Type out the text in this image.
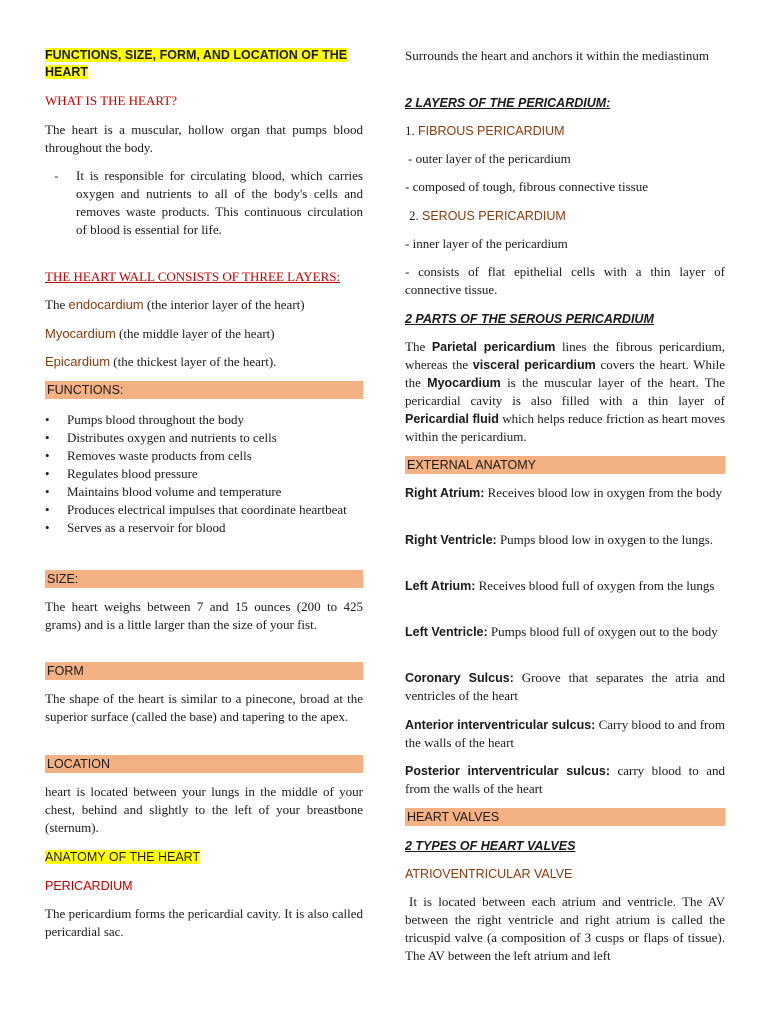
FUNCTIONS, SIZE, FORM, AND LOCATION OF THE HEART

WHAT IS THE HEART?

The heart is a muscular, hollow organ that pumps blood throughout the body.

- It is responsible for circulating blood, which carries oxygen and nutrients to all of the body's cells and removes waste products. This continuous circulation of blood is essential for life.

THE HEART WALL CONSISTS OF THREE LAYERS:

The endocardium (the interior layer of the heart)

Myocardium (the middle layer of the heart)

Epicardium (the thickest layer of the heart).

FUNCTIONS:
• Pumps blood throughout the body
• Distributes oxygen and nutrients to cells
• Removes waste products from cells
• Regulates blood pressure
• Maintains blood volume and temperature
• Produces electrical impulses that coordinate heartbeat
• Serves as a reservoir for blood
SIZE:

The heart weighs between 7 and 15 ounces (200 to 425 grams) and is a little larger than the size of your fist.

FORM

The shape of the heart is similar to a pinecone, broad at the superior surface (called the base) and tapering to the apex.

LOCATION

heart is located between your lungs in the middle of your chest, behind and slightly to the left of your breastbone (sternum).

ANATOMY OF THE HEART

PERICARDIUM

The pericardium forms the pericardial cavity. It is also called pericardial sac.

Surrounds the heart and anchors it within the mediastinum

2 LAYERS OF THE PERICARDIUM:

1. FIBROUS PERICARDIUM

- outer layer of the pericardium

- composed of tough, fibrous connective tissue

2. SEROUS PERICARDIUM

- inner layer of the pericardium

- consists of flat epithelial cells with a thin layer of connective tissue.

2 PARTS OF THE SEROUS PERICARDIUM

The Parietal pericardium lines the fibrous pericardium, whereas the visceral pericardium covers the heart. While the Myocardium is the muscular layer of the heart. The pericardial cavity is also filled with a thin layer of Pericardial fluid which helps reduce friction as heart moves within the pericardium.

EXTERNAL ANATOMY

Right Atrium: Receives blood low in oxygen from the body

Right Ventricle: Pumps blood low in oxygen to the lungs.

Left Atrium: Receives blood full of oxygen from the lungs

Left Ventricle: Pumps blood full of oxygen out to the body

Coronary Sulcus: Groove that separates the atria and ventricles of the heart

Anterior interventricular sulcus: Carry blood to and from the walls of the heart

Posterior interventricular sulcus: carry blood to and from the walls of the heart

HEART VALVES

2 TYPES OF HEART VALVES

ATRIOVENTRICULAR VALVE

It is located between each atrium and ventricle. The AV between the right ventricle and right atrium is called the tricuspid valve (a composition of 3 cusps or flaps of tissue). The AV between the left atrium and left
